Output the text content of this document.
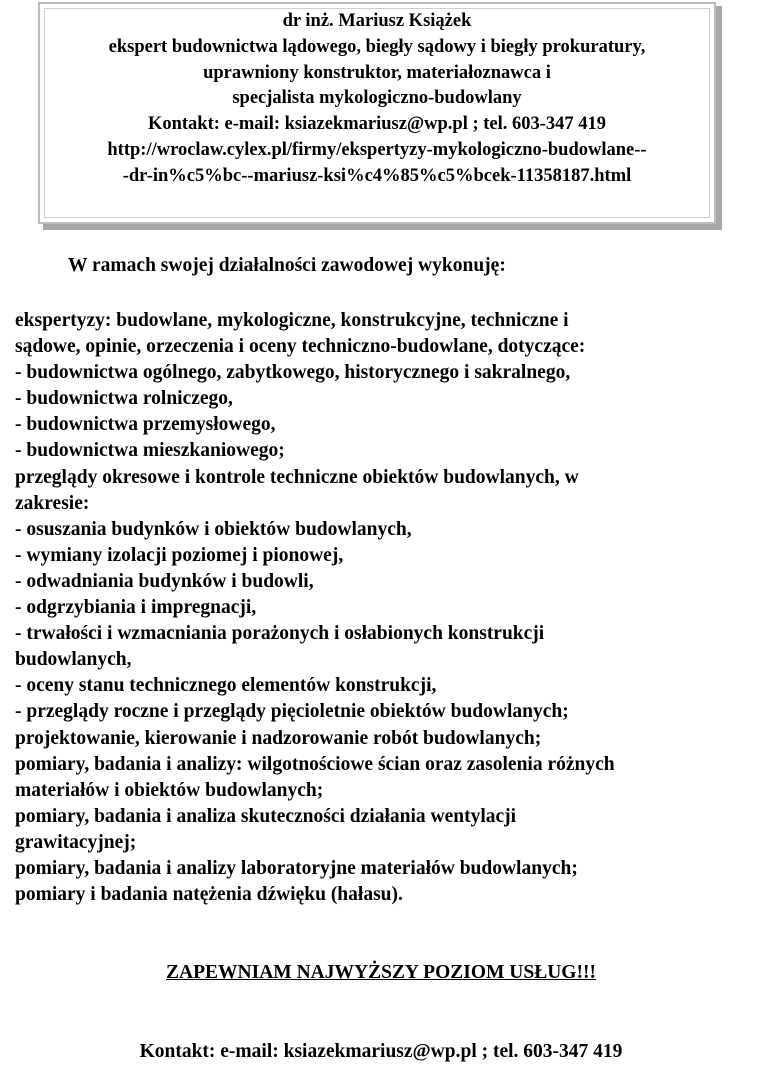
dr inż. Mariusz Książek
ekspert budownictwa lądowego, biegły sądowy i biegły prokuratury,
uprawniony konstruktor, materiałoznawca i
specjalista mykologiczno-budowlany
Kontakt: e-mail: ksiazekmariusz@wp.pl ; tel. 603-347 419
http://wroclaw.cylex.pl/firmy/ekspertyzy-mykologiczno-budowlane--
-dr-in%c5%bc--mariusz-ksi%c4%85%c5%bcek-11358187.html
W ramach swojej działalności zawodowej wykonuję:
ekspertyzy: budowlane, mykologiczne, konstrukcyjne, techniczne i
sądowe, opinie, orzeczenia i oceny techniczno-budowlane, dotyczące:
- budownictwa ogólnego, zabytkowego, historycznego i sakralnego,
- budownictwa rolniczego,
- budownictwa przemysłowego,
- budownictwa mieszkaniowego;
przeglądy okresowe i kontrole techniczne obiektów budowlanych, w
zakresie:
- osuszania budynków i obiektów budowlanych,
- wymiany izolacji poziomej i pionowej,
- odwadniania budynków i budowli,
- odgrzybiania i impregnacji,
- trwałości i wzmacniania porażonych i osłabionych konstrukcji
budowlanych,
- oceny stanu technicznego elementów konstrukcji,
- przeglądy roczne i przeglądy pięcioletnie obiektów budowlanych;
projektowanie, kierowanie i nadzorowanie robót budowlanych;
pomiary, badania i analizy: wilgotnościowe ścian oraz zasolenia różnych
materiałów i obiektów budowlanych;
pomiary, badania i analiza skuteczności działania wentylacji
grawitacyjnej;
pomiary, badania i analizy laboratoryjne materiałów budowlanych;
pomiary i badania natężenia dźwięku (hałasu).
ZAPEWNIAM NAJWYŻSZY POZIOM USŁUG!!!
Kontakt: e-mail: ksiazekmariusz@wp.pl ; tel. 603-347 419
